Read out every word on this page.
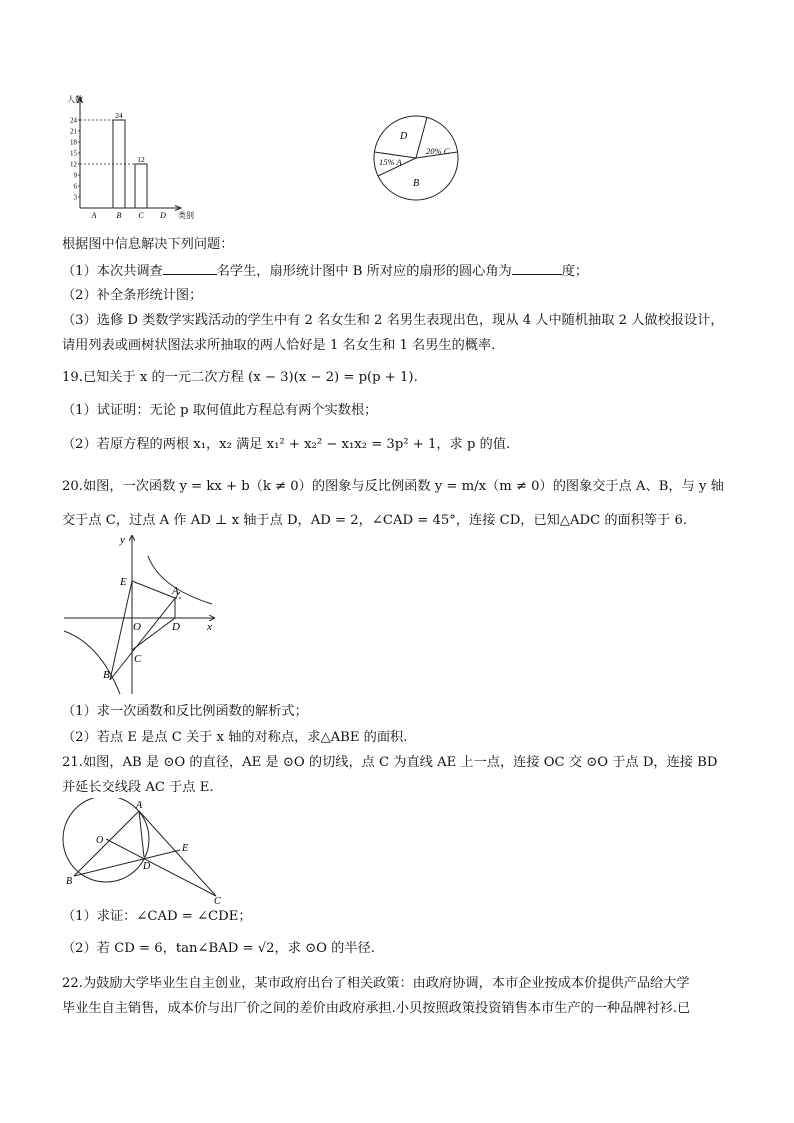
人数
类别
3
6
9
12
15
18
21
24
A	B
24
C
12
D
D
20% C
15% A
B
根据图中信息解决下列问题：
（1）本次共调查	名学生，扇形统计图中 B 所对应的扇形的圆心角为	度；
（2）补全条形统计图；
（3）选修 D 类数学实践活动的学生中有 2 名女生和 2 名男生表现出色，现从 4 人中随机抽取 2 人做校报设计，
请用列表或画树状图法求所抽取的两人恰好是 1 名女生和 1 名男生的概率.
19.已知关于 x 的一元二次方程 (x − 3)(x − 2) = p(p + 1).
（1）试证明：无论 p 取何值此方程总有两个实数根；
（2）若原方程的两根 x₁，x₂ 满足 x₁² + x₂² − x₁x₂ = 3p² + 1，求 p 的值.
20.如图，一次函数 y = kx + b（k ≠ 0）的图象与反比例函数 y = m/x（m ≠ 0）的图象交于点 A、B，与 y 轴
交于点 C，过点 A 作 AD ⊥ x 轴于点 D，AD = 2，∠CAD = 45°，连接 CD，已知△ADC 的面积等于 6.
y
x
E
A
O	D
C
B
（1）求一次函数和反比例函数的解析式；
（2）若点 E 是点 C 关于 x 轴的对称点，求△ABE 的面积.
21.如图，AB 是 ⊙O 的直径，AE 是 ⊙O 的切线，点 C 为直线 AE 上一点，连接 OC 交 ⊙O 于点 D，连接 BD
并延长交线段 AC 于点 E.
A
O
E
D
B
C
（1）求证：∠CAD = ∠CDE；
（2）若 CD = 6，tan∠BAD = √2，求 ⊙O 的半径.
22.为鼓励大学毕业生自主创业，某市政府出台了相关政策：由政府协调，本市企业按成本价提供产品给大学
毕业生自主销售，成本价与出厂价之间的差价由政府承担.小贝按照政策投资销售本市生产的一种品牌衬衫.已
